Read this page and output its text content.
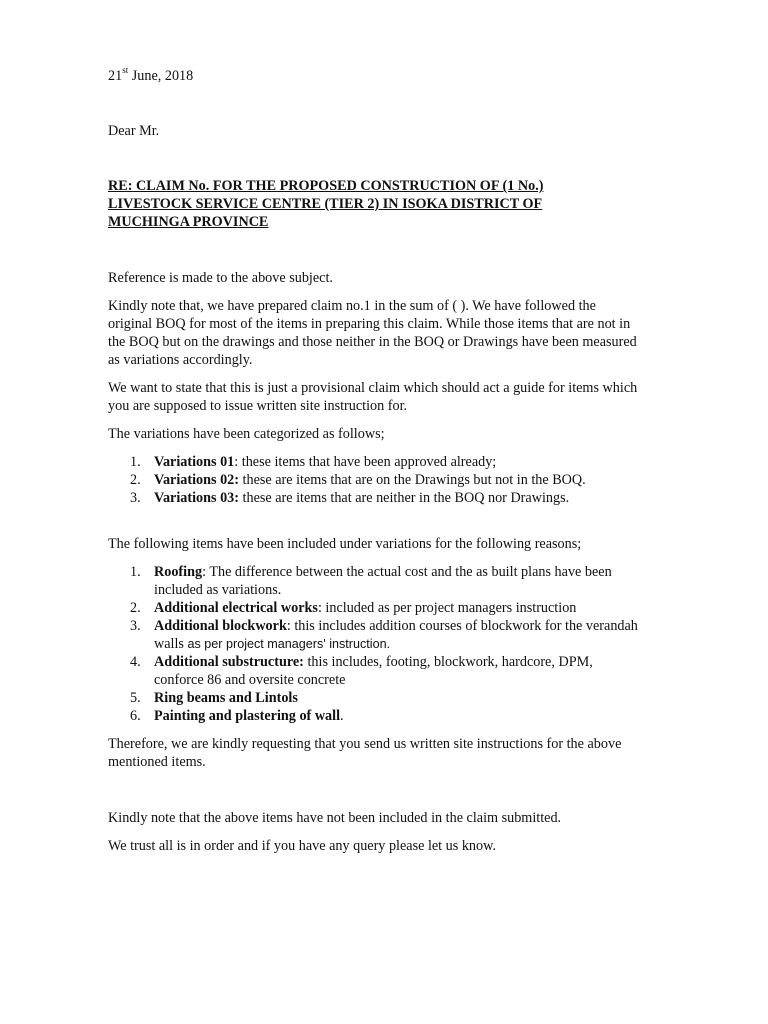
21st June, 2018
Dear Mr.
RE: CLAIM No. FOR THE PROPOSED CONSTRUCTION OF (1 No.)
LIVESTOCK SERVICE CENTRE (TIER 2) IN ISOKA DISTRICT OF
MUCHINGA PROVINCE

Reference is made to the above subject.

Kindly note that, we have prepared claim no.1 in the sum of ( ). We have followed the original BOQ for most of the items in preparing this claim. While those items that are not in the BOQ but on the drawings and those neither in the BOQ or Drawings have been measured as variations accordingly.

We want to state that this is just a provisional claim which should act a guide for items which you are supposed to issue written site instruction for.

The variations have been categorized as follows;

1. Variations 01: these items that have been approved already;
2. Variations 02: these are items that are on the Drawings but not in the BOQ.
3. Variations 03: these are items that are neither in the BOQ nor Drawings.

The following items have been included under variations for the following reasons;

1. Roofing: The difference between the actual cost and the as built plans have been included as variations.
2. Additional electrical works: included as per project managers instruction
3. Additional blockwork: this includes addition courses of blockwork for the verandah walls as per project managers' instruction.
4. Additional substructure: this includes, footing, blockwork, hardcore, DPM, conforce 86 and oversite concrete
5. Ring beams and Lintols
6. Painting and plastering of wall.

Therefore, we are kindly requesting that you send us written site instructions for the above mentioned items.

Kindly note that the above items have not been included in the claim submitted.

We trust all is in order and if you have any query please let us know.
